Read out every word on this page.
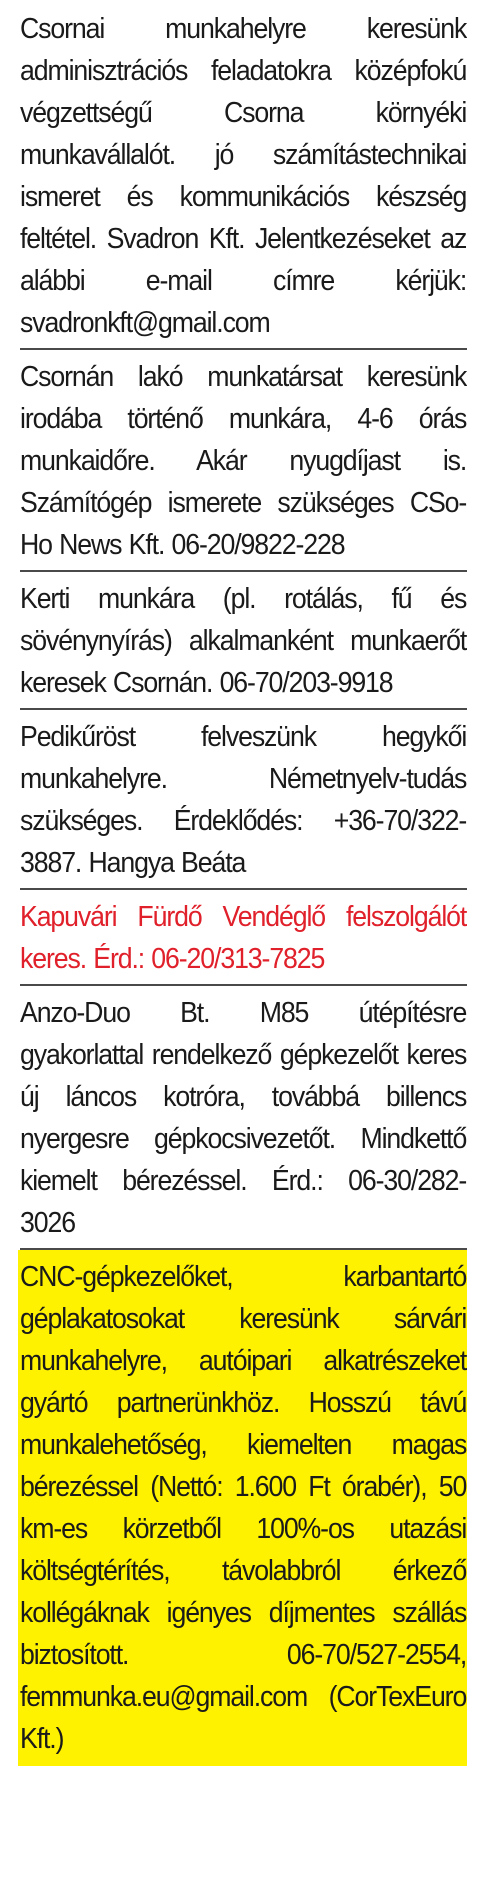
Csornai munkahelyre keresünk adminisztrációs feladatokra középfokú végzettségű Csorna környéki munkavállalót. jó számítástechnikai ismeret és kommunikációs készség feltétel. Svadron Kft. Jelentkezéseket az alábbi e-mail címre kérjük: svadronkft@gmail.com

Csornán lakó munkatársat keresünk irodába történő munkára, 4-6 órás munkaidőre. Akár nyugdíjast is. Számítógép ismerete szükséges CSo-Ho News Kft. 06-20/9822-228

Kerti munkára (pl. rotálás, fű és sövénynyírás) alkalmanként munkaerőt keresek Csornán. 06-70/203-9918

Pedikűröst felveszünk hegykői munkahelyre. Németnyelv-tudás szükséges. Érdeklődés: +36-70/322-3887. Hangya Beáta

Kapuvári Fürdő Vendéglő felszolgálót keres. Érd.: 06-20/313-7825

Anzo-Duo Bt. M85 útépítésre gyakorlattal rendelkező gépkezelőt keres új láncos kotróra, továbbá billencs nyergesre gépkocsivezetőt. Mindkettő kiemelt bérezéssel. Érd.: 06-30/282-3026

CNC-gépkezelőket, karbantartó géplakatosokat keresünk sárvári munkahelyre, autóipari alkatrészeket gyártó partnerünkhöz. Hosszú távú munkalehetőség, kiemelten magas bérezéssel (Nettó: 1.600 Ft órabér), 50 km-es körzetből 100%-os utazási költségtérítés, távolabbról érkező kollégáknak igényes díjmentes szállás biztosított. 06-70/527-2554, femmunka.eu@gmail.com (CorTexEuro Kft.)
